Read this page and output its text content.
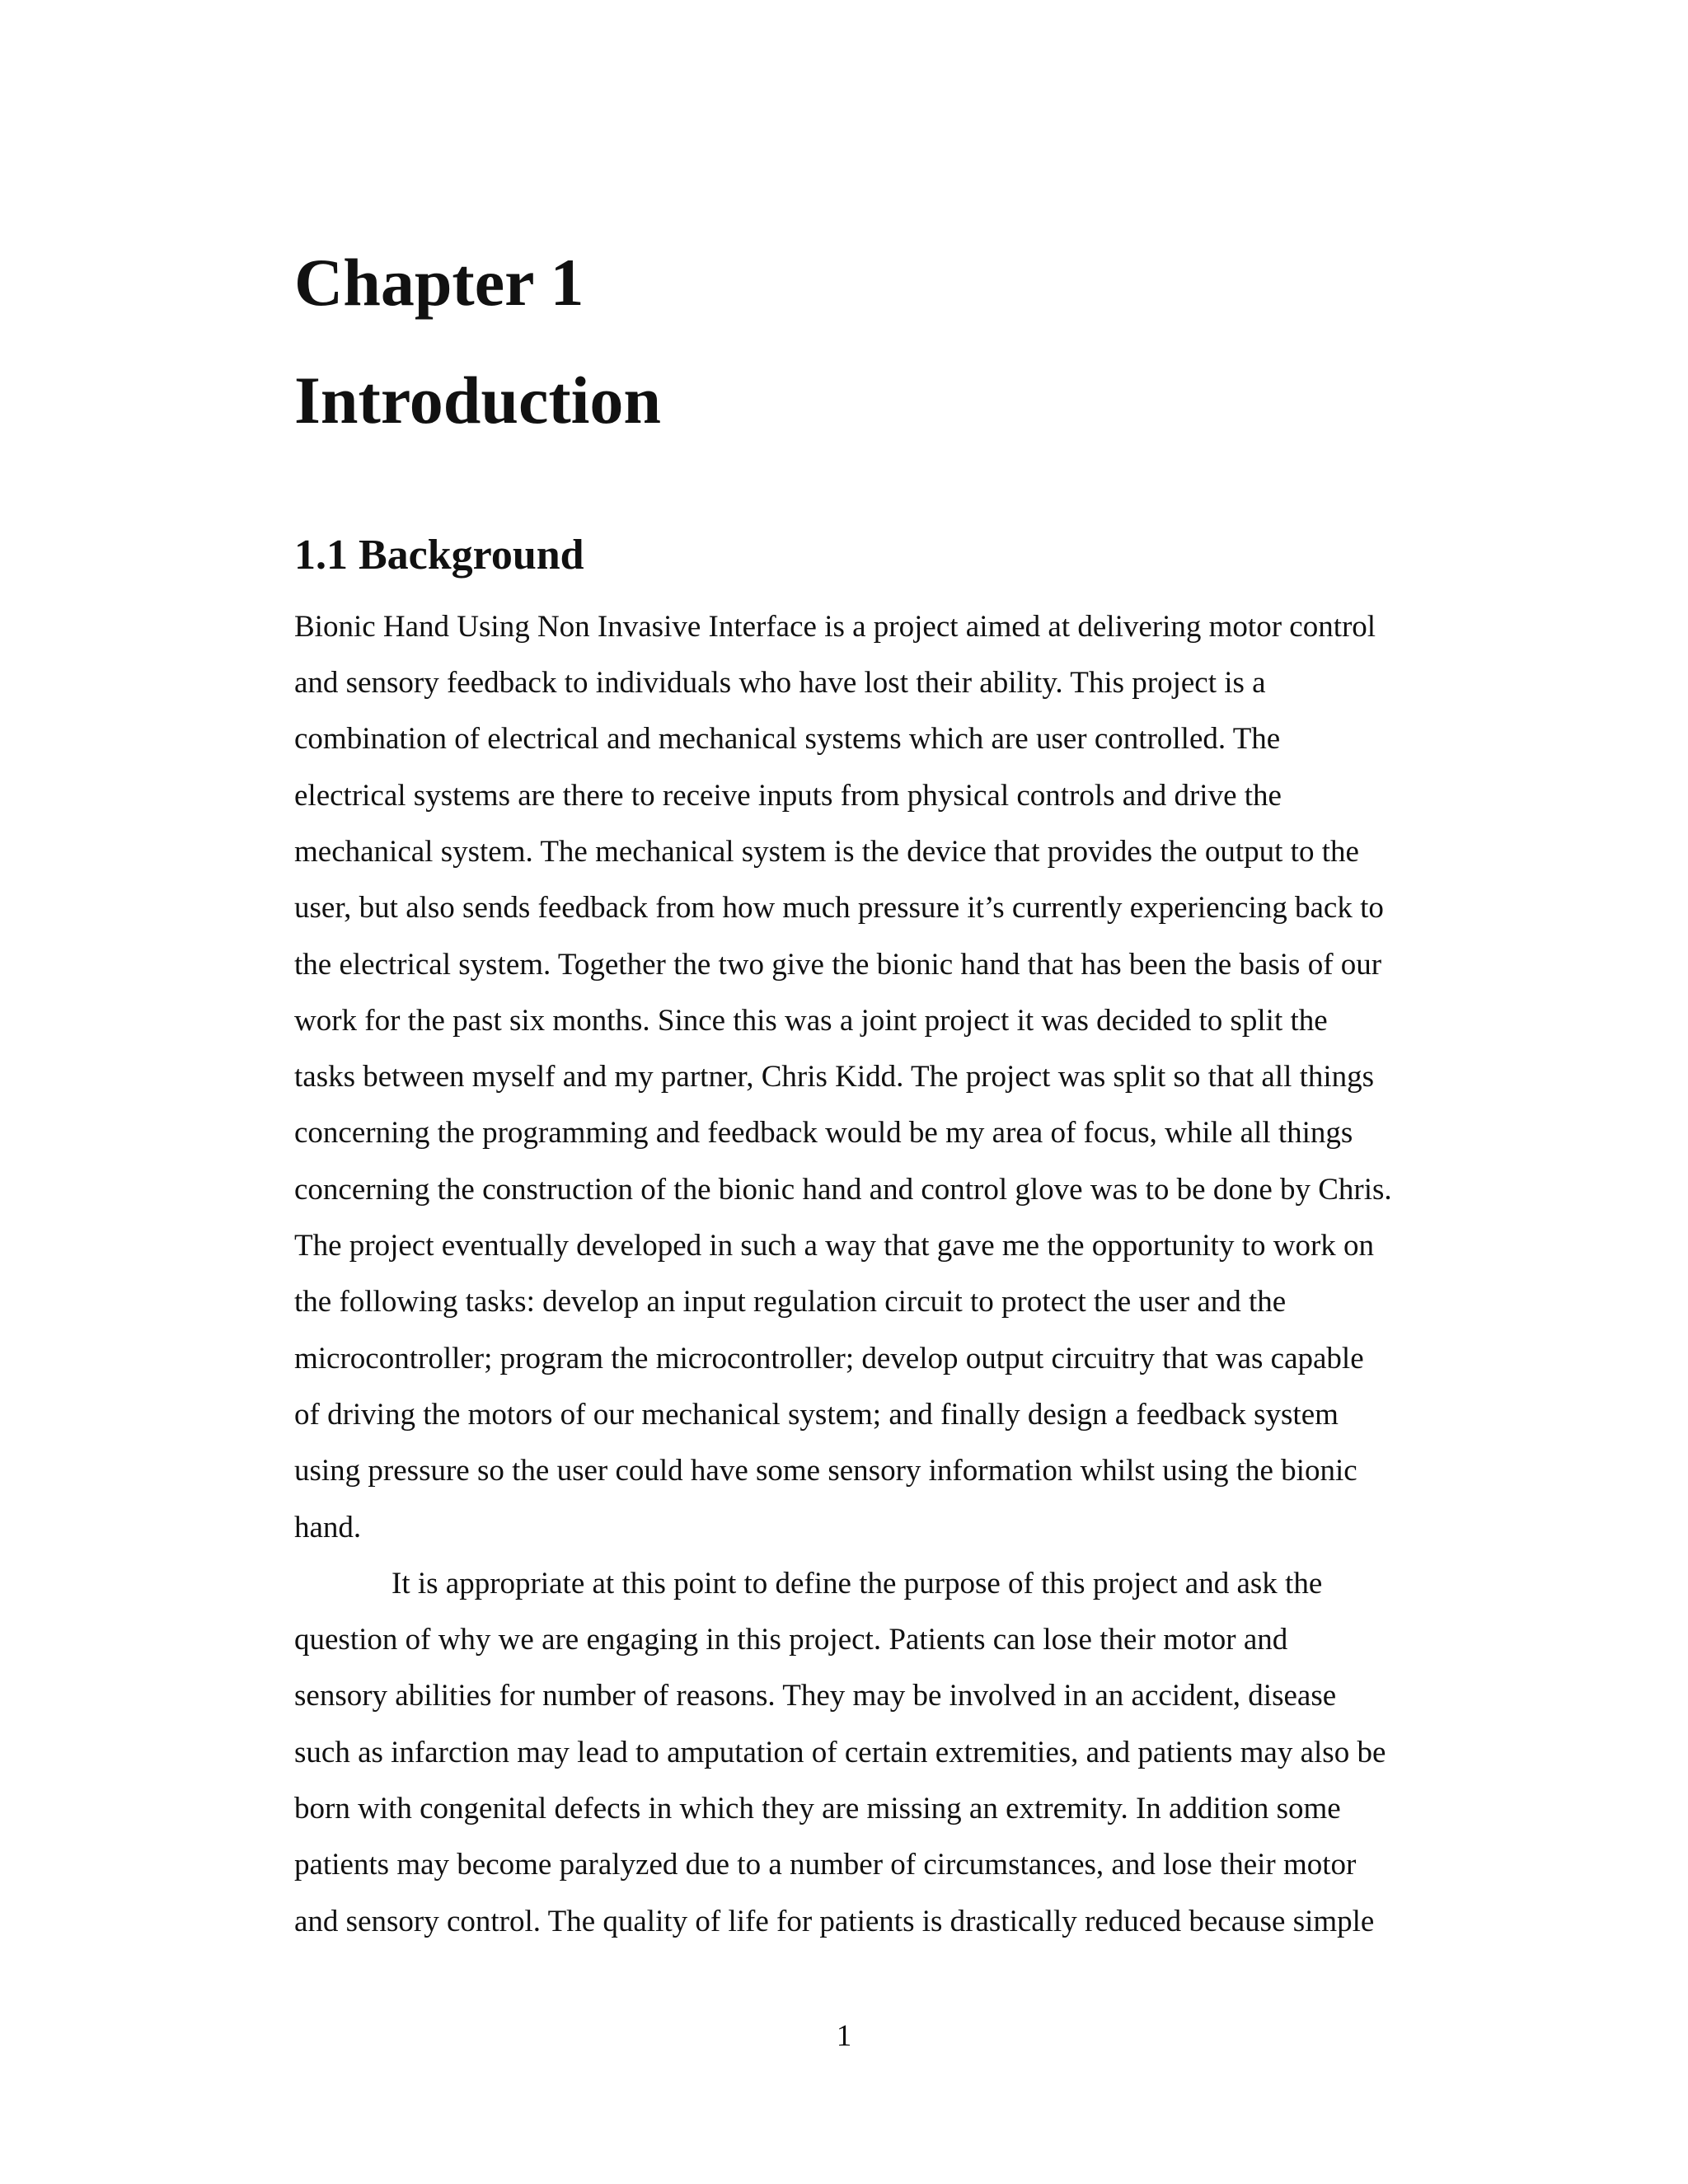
Chapter 1
Introduction
1.1 Background

Bionic Hand Using Non Invasive Interface is a project aimed at delivering motor control

and sensory feedback to individuals who have lost their ability. This project is a

combination of electrical and mechanical systems which are user controlled. The

electrical systems are there to receive inputs from physical controls and drive the

mechanical system. The mechanical system is the device that provides the output to the

user, but also sends feedback from how much pressure it’s currently experiencing back to

the electrical system. Together the two give the bionic hand that has been the basis of our

work for the past six months. Since this was a joint project it was decided to split the

tasks between myself and my partner, Chris Kidd. The project was split so that all things

concerning the programming and feedback would be my area of focus, while all things

concerning the construction of the bionic hand and control glove was to be done by Chris.

The project eventually developed in such a way that gave me the opportunity to work on

the following tasks: develop an input regulation circuit to protect the user and the

microcontroller; program the microcontroller; develop output circuitry that was capable

of driving the motors of our mechanical system; and finally design a feedback system

using pressure so the user could have some sensory information whilst using the bionic

hand.

It is appropriate at this point to define the purpose of this project and ask the

question of why we are engaging in this project. Patients can lose their motor and

sensory abilities for number of reasons. They may be involved in an accident, disease

such as infarction may lead to amputation of certain extremities, and patients may also be

born with congenital defects in which they are missing an extremity. In addition some

patients may become paralyzed due to a number of circumstances, and lose their motor

and sensory control. The quality of life for patients is drastically reduced because simple

1
